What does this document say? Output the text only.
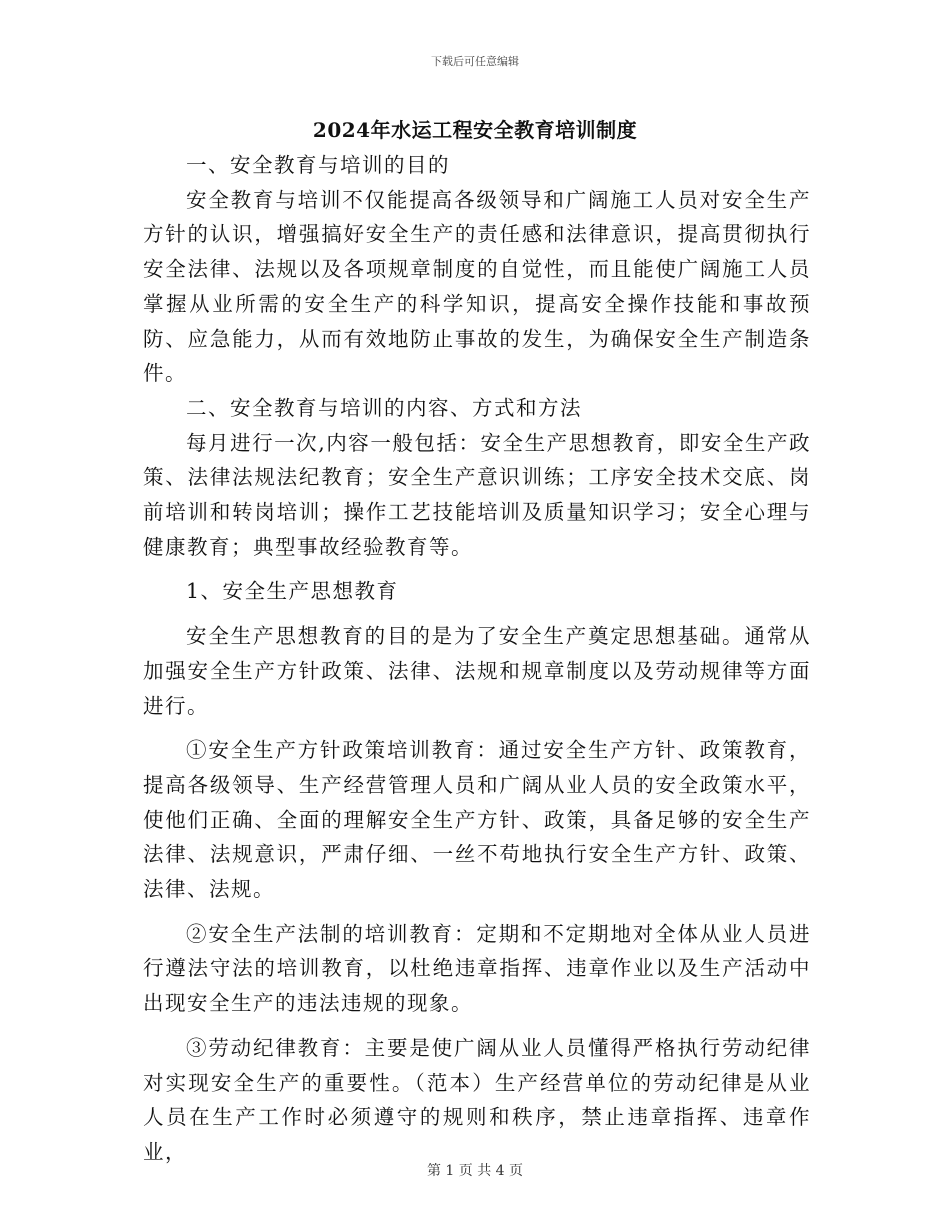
下载后可任意编辑
2024年水运工程安全教育培训制度

一、安全教育与培训的目的

安全教育与培训不仅能提高各级领导和广阔施工人员对安全生产方针的认识，增强搞好安全生产的责任感和法律意识，提高贯彻执行安全法律、法规以及各项规章制度的自觉性，而且能使广阔施工人员掌握从业所需的安全生产的科学知识，提高安全操作技能和事故预防、应急能力，从而有效地防止事故的发生，为确保安全生产制造条件。

二、安全教育与培训的内容、方式和方法

每月进行一次,内容一般包括：安全生产思想教育，即安全生产政策、法律法规法纪教育；安全生产意识训练；工序安全技术交底、岗前培训和转岗培训；操作工艺技能培训及质量知识学习；安全心理与健康教育；典型事故经验教育等。

1、安全生产思想教育

安全生产思想教育的目的是为了安全生产奠定思想基础。通常从加强安全生产方针政策、法律、法规和规章制度以及劳动规律等方面进行。

①安全生产方针政策培训教育：通过安全生产方针、政策教育，提高各级领导、生产经营管理人员和广阔从业人员的安全政策水平，使他们正确、全面的理解安全生产方针、政策，具备足够的安全生产法律、法规意识，严肃仔细、一丝不苟地执行安全生产方针、政策、法律、法规。

②安全生产法制的培训教育：定期和不定期地对全体从业人员进行遵法守法的培训教育，以杜绝违章指挥、违章作业以及生产活动中出现安全生产的违法违规的现象。

③劳动纪律教育：主要是使广阔从业人员懂得严格执行劳动纪律对实现安全生产的重要性。（范本）生产经营单位的劳动纪律是从业人员在生产工作时必须遵守的规则和秩序，禁止违章指挥、违章作业，

第 1 页 共 4 页
